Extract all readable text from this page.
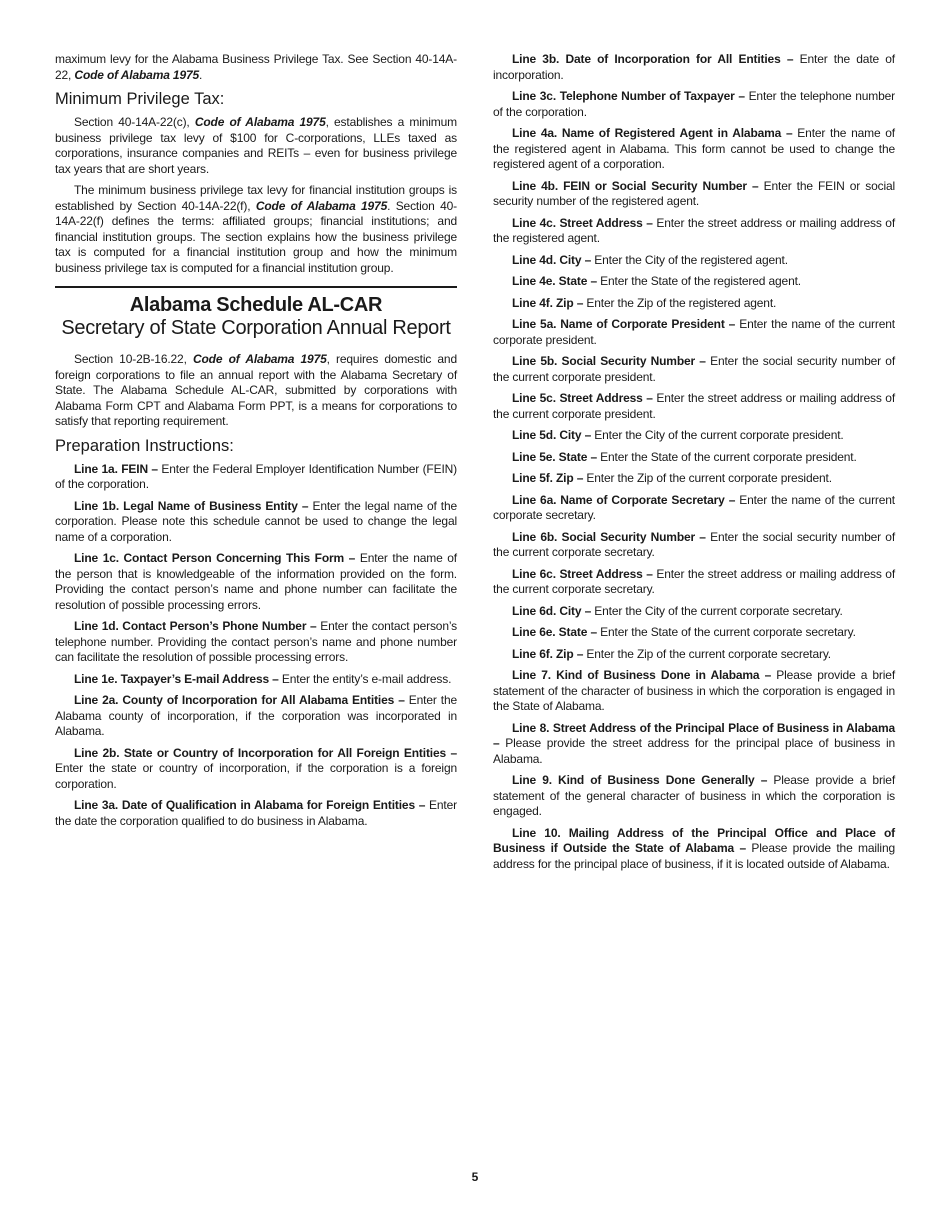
maximum levy for the Alabama Business Privilege Tax. See Section 40-14A-22, Code of Alabama 1975.

Minimum Privilege Tax:

Section 40-14A-22(c), Code of Alabama 1975, establishes a minimum business privilege tax levy of $100 for C-corporations, LLEs taxed as corporations, insurance companies and REITs – even for business privilege tax years that are short years.

The minimum business privilege tax levy for financial institution groups is established by Section 40-14A-22(f), Code of Alabama 1975. Section 40-14A-22(f) defines the terms: affiliated groups; financial institutions; and financial institution groups. The section explains how the business privilege tax is computed for a financial institution group and how the minimum business privilege tax is computed for a financial institution group.

Alabama Schedule AL-CAR
Secretary of State Corporation Annual Report

Section 10-2B-16.22, Code of Alabama 1975, requires domestic and foreign corporations to file an annual report with the Alabama Secretary of State. The Alabama Schedule AL-CAR, submitted by corporations with Alabama Form CPT and Alabama Form PPT, is a means for corporations to satisfy that reporting requirement.

Preparation Instructions:

Line 1a. FEIN – Enter the Federal Employer Identification Number (FEIN) of the corporation.

Line 1b. Legal Name of Business Entity – Enter the legal name of the corporation. Please note this schedule cannot be used to change the legal name of a corporation.

Line 1c. Contact Person Concerning This Form – Enter the name of the person that is knowledgeable of the information provided on the form. Providing the contact person’s name and phone number can facilitate the resolution of possible processing errors.

Line 1d. Contact Person’s Phone Number – Enter the contact person’s telephone number. Providing the contact person’s name and phone number can facilitate the resolution of possible processing errors.

Line 1e. Taxpayer’s E-mail Address – Enter the entity’s e-mail address.

Line 2a. County of Incorporation for All Alabama Entities – Enter the Alabama county of incorporation, if the corporation was incorporated in Alabama.

Line 2b. State or Country of Incorporation for All Foreign Entities – Enter the state or country of incorporation, if the corporation is a foreign corporation.

Line 3a. Date of Qualification in Alabama for Foreign Entities – Enter the date the corporation qualified to do business in Alabama.

Line 3b. Date of Incorporation for All Entities – Enter the date of incorporation.

Line 3c. Telephone Number of Taxpayer – Enter the telephone number of the corporation.

Line 4a. Name of Registered Agent in Alabama – Enter the name of the registered agent in Alabama. This form cannot be used to change the registered agent of a corporation.

Line 4b. FEIN or Social Security Number – Enter the FEIN or social security number of the registered agent.

Line 4c. Street Address – Enter the street address or mailing address of the registered agent.

Line 4d. City – Enter the City of the registered agent.

Line 4e. State – Enter the State of the registered agent.

Line 4f. Zip – Enter the Zip of the registered agent.

Line 5a. Name of Corporate President – Enter the name of the current corporate president.

Line 5b. Social Security Number – Enter the social security number of the current corporate president.

Line 5c. Street Address – Enter the street address or mailing address of the current corporate president.

Line 5d. City – Enter the City of the current corporate president.

Line 5e. State – Enter the State of the current corporate president.

Line 5f. Zip – Enter the Zip of the current corporate president.

Line 6a. Name of Corporate Secretary – Enter the name of the current corporate secretary.

Line 6b. Social Security Number – Enter the social security number of the current corporate secretary.

Line 6c. Street Address – Enter the street address or mailing address of the current corporate secretary.

Line 6d. City – Enter the City of the current corporate secretary.

Line 6e. State – Enter the State of the current corporate secretary.

Line 6f. Zip – Enter the Zip of the current corporate secretary.

Line 7. Kind of Business Done in Alabama – Please provide a brief statement of the character of business in which the corporation is engaged in the State of Alabama.

Line 8. Street Address of the Principal Place of Business in Alabama – Please provide the street address for the principal place of business in Alabama.

Line 9. Kind of Business Done Generally – Please provide a brief statement of the general character of business in which the corporation is engaged.

Line 10. Mailing Address of the Principal Office and Place of Business if Outside the State of Alabama – Please provide the mailing address for the principal place of business, if it is located outside of Alabama.

5
